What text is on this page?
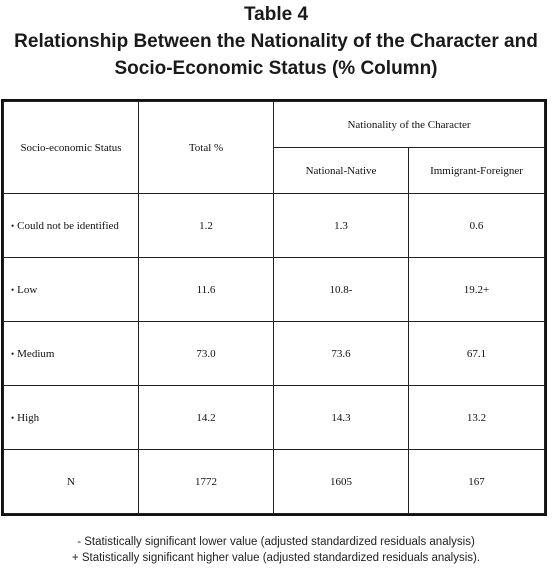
Table 4
Relationship Between the Nationality of the Character and
Socio-Economic Status (% Column)
Socio-economic Status	Total %	Nationality of the Character	
		National-Native	Immigrant-Foreigner
• Could not be identified	1.2	1.3	0.6
• Low	11.6	10.8-	19.2+
• Medium	73.0	73.6	67.1
• High	14.2	14.3	13.2
N	1772	1605	167
- Statistically significant lower value (adjusted standardized residuals analysis)
+ Statistically significant higher value (adjusted standardized residuals analysis).
